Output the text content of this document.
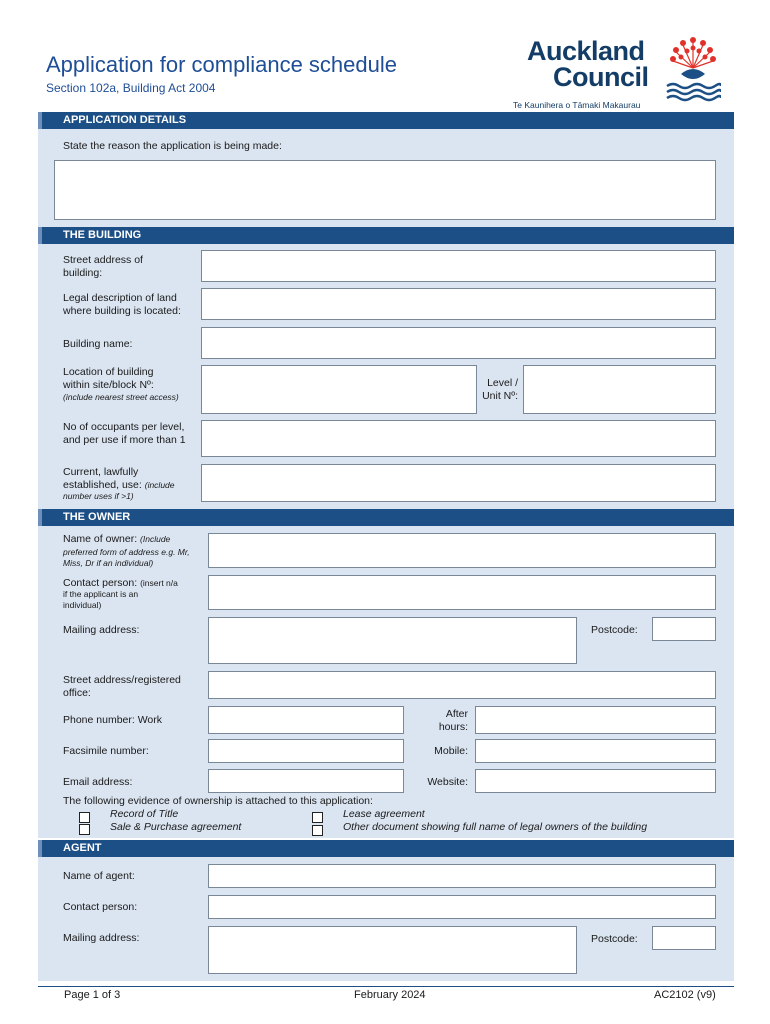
Application for compliance schedule
Section 102a, Building Act 2004
Auckland
Council
Te Kaunihera o Tāmaki Makaurau
APPLICATION DETAILS
State the reason the application is being made:
THE BUILDING
Street address of building:
Legal description of land where building is located:
Building name:
Location of building within site/block Nº:
(include nearest street access)
Level / Unit Nº:
No of occupants per level, and per use if more than 1
Current, lawfully established, use: (include
number uses if >1)
THE OWNER
Name of owner: (Include
preferred form of address e.g. Mr, Miss, Dr if an individual)
Contact person: (insert n/a
if the applicant is an individual)
Mailing address:	Postcode:
Street address/registered office:
Phone number: Work	After hours:
Facsimile number:	Mobile:
Email address:	Website:
The following evidence of ownership is attached to this application:
Record of Title
Sale & Purchase agreement
Lease agreement
Other document showing full name of legal owners of the building
AGENT
Name of agent:
Contact person:
Mailing address:	Postcode:
Page 1 of 3	February 2024	AC2102 (v9)
